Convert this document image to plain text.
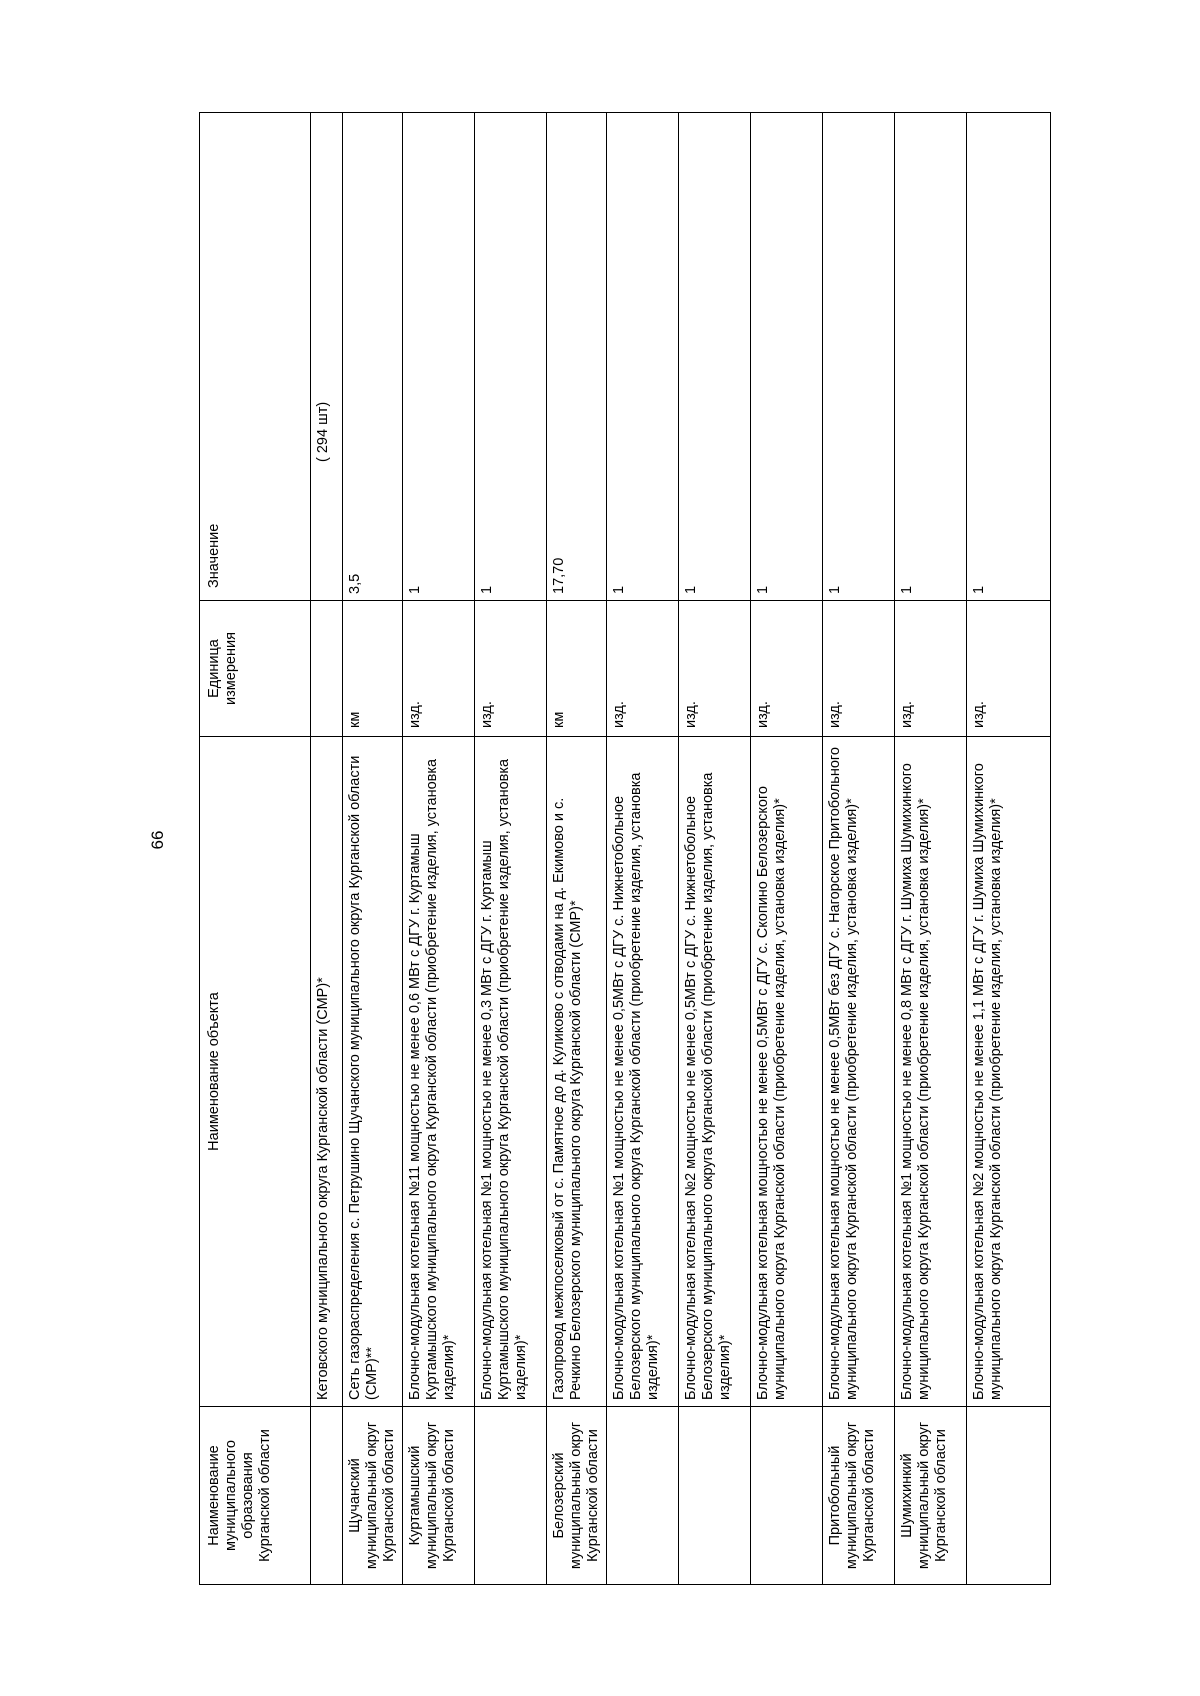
66
Наименование муниципального образования Курганской области	Наименование объекта	Единица измерения	Значение
	Кетовского муниципального округа Курганской области (СМР)*		( 294 шт)
Щучанский муниципальный округ Курганской области	Сеть газораспределения с. Петрушино Щучанского муниципального округа Курганской области (СМР)**	км	3,5
Куртамышский муниципальный округ Курганской области	Блочно-модульная котельная №11 мощностью не менее 0,6 МВт с ДГУ г. Куртамыш Куртамышского муниципального округа Курганской области (приобретение изделия, установка изделия)*	изд.	1
	Блочно-модульная котельная №1 мощностью не менее 0,3 МВт с ДГУ г. Куртамыш Куртамышского муниципального округа Курганской области (приобретение изделия, установка изделия)*	изд.	1
Белозерский муниципальный округ Курганской области	Газопровод межпоселковый от с. Памятное до д. Куликово с отводами на д. Екимово и с. Речкино Белозерского муниципального округа Курганской области (СМР)*	км	17,70
	Блочно-модульная котельная №1 мощностью не менее 0,5МВт с ДГУ с. Нижнетобольное Белозерского муниципального округа Курганской области (приобретение изделия, установка изделия)*	изд.	1
	Блочно-модульная котельная №2 мощностью не менее 0,5МВт с ДГУ с. Нижнетобольное Белозерского муниципального округа Курганской области (приобретение изделия, установка изделия)*	изд.	1
	Блочно-модульная котельная мощностью не менее 0,5МВт с ДГУ с. Скопино Белозерского муниципального округа Курганской области (приобретение изделия, установка изделия)*	изд.	1
Притобольный муниципальный округ Курганской области	Блочно-модульная котельная мощностью не менее 0,5МВт без ДГУ с. Нагорское Притобольного муниципального округа Курганской области (приобретение изделия, установка изделия)*	изд.	1
Шумихинкий муниципальный округ Курганской области	Блочно-модульная котельная №1 мощностью не менее 0,8 МВт с ДГУ г. Шумиха Шумихинкого муниципального округа Курганской области (приобретение изделия, установка изделия)*	изд.	1
	Блочно-модульная котельная №2 мощностью не менее 1,1 МВт с ДГУ г. Шумиха Шумихинкого муниципального округа Курганской области (приобретение изделия, установка изделия)*	изд.	1
